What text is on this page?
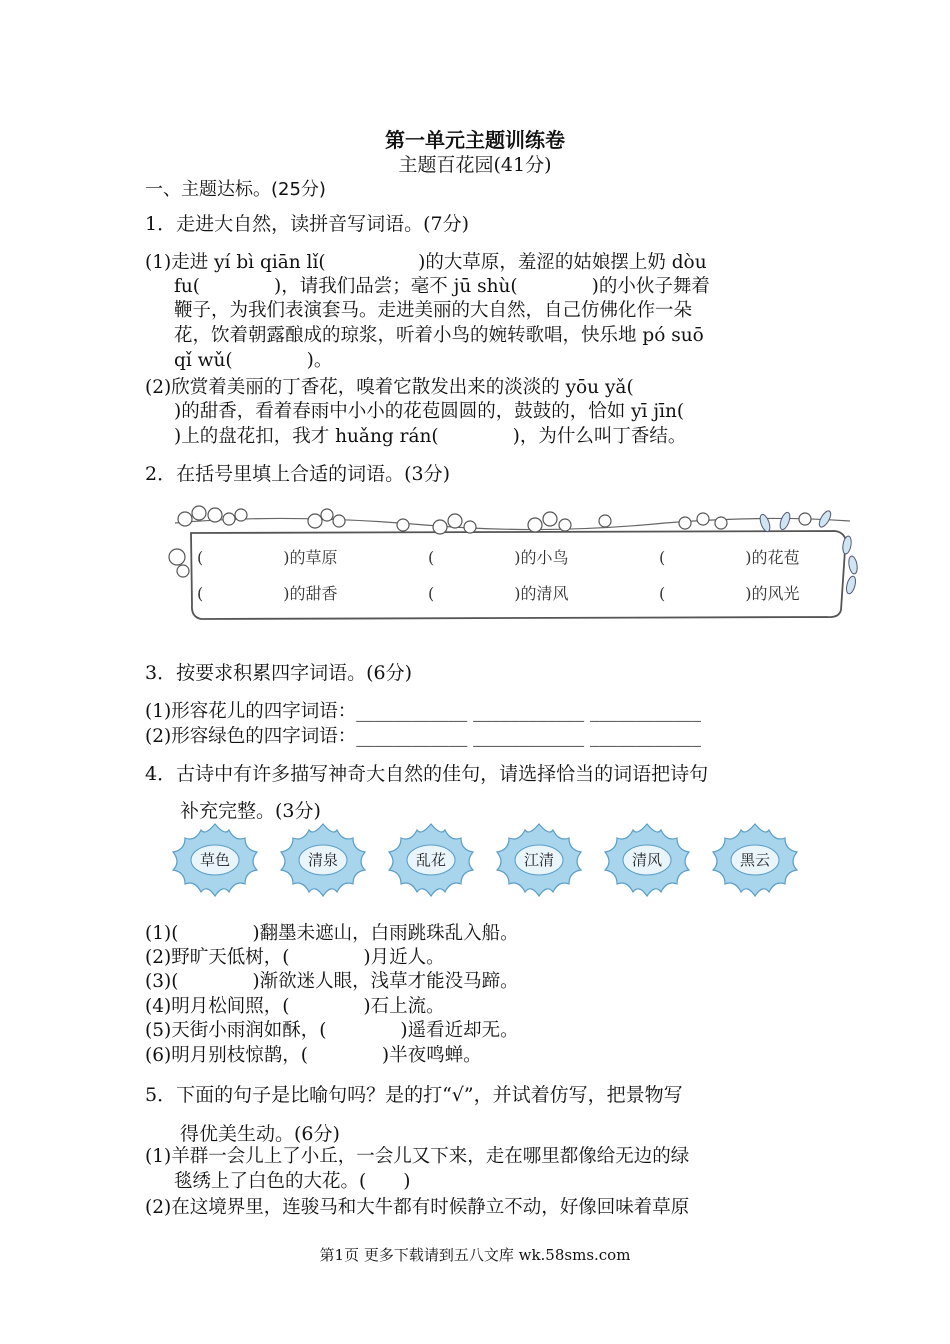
第一单元主题训练卷
主题百花园(41分)
一、主题达标。(25分)
1．走进大自然，读拼音写词语。(7分)
(1)走进 yí bì qiān lǐ(　　　　　)的大草原，羞涩的姑娘摆上奶 dòu
fu(　　　　)，请我们品尝；毫不 jū shù(　　　　)的小伙子舞着
鞭子，为我们表演套马。走进美丽的大自然，自己仿佛化作一朵
花，饮着朝露酿成的琼浆，听着小鸟的婉转歌唱，快乐地 pó suō
qǐ wǔ(　　　　)。
(2)欣赏着美丽的丁香花，嗅着它散发出来的淡淡的 yōu yǎ(
)的甜香，看着春雨中小小的花苞圆圆的，鼓鼓的，恰如 yī jīn(
)上的盘花扣，我才 huǎng rán(　　　　)，为什么叫丁香结。
2．在括号里填上合适的词语。(3分)
(　　　　　)的草原	(　　　　　)的小鸟	(　　　　　)的花苞
(　　　　　)的甜香	(　　　　　)的清风	(　　　　　)的风光
3．按要求积累四字词语。(6分)
(1)形容花儿的四字词语：____________ ____________ ____________
(2)形容绿色的四字词语：____________ ____________ ____________
4．古诗中有许多描写神奇大自然的佳句，请选择恰当的词语把诗句
补充完整。(3分)
草色	清泉	乱花	江清	清风	黑云
(1)(　　　　)翻墨未遮山，白雨跳珠乱入船。
(2)野旷天低树，(　　　　)月近人。
(3)(　　　　)渐欲迷人眼，浅草才能没马蹄。
(4)明月松间照，(　　　　)石上流。
(5)天街小雨润如酥，(　　　　)遥看近却无。
(6)明月别枝惊鹊，(　　　　)半夜鸣蝉。
5．下面的句子是比喻句吗？是的打“√”，并试着仿写，把景物写
得优美生动。(6分)
(1)羊群一会儿上了小丘，一会儿又下来，走在哪里都像给无边的绿
毯绣上了白色的大花。(　　)
(2)在这境界里，连骏马和大牛都有时候静立不动，好像回味着草原
第1页 更多下载请到五八文库 wk.58sms.com
